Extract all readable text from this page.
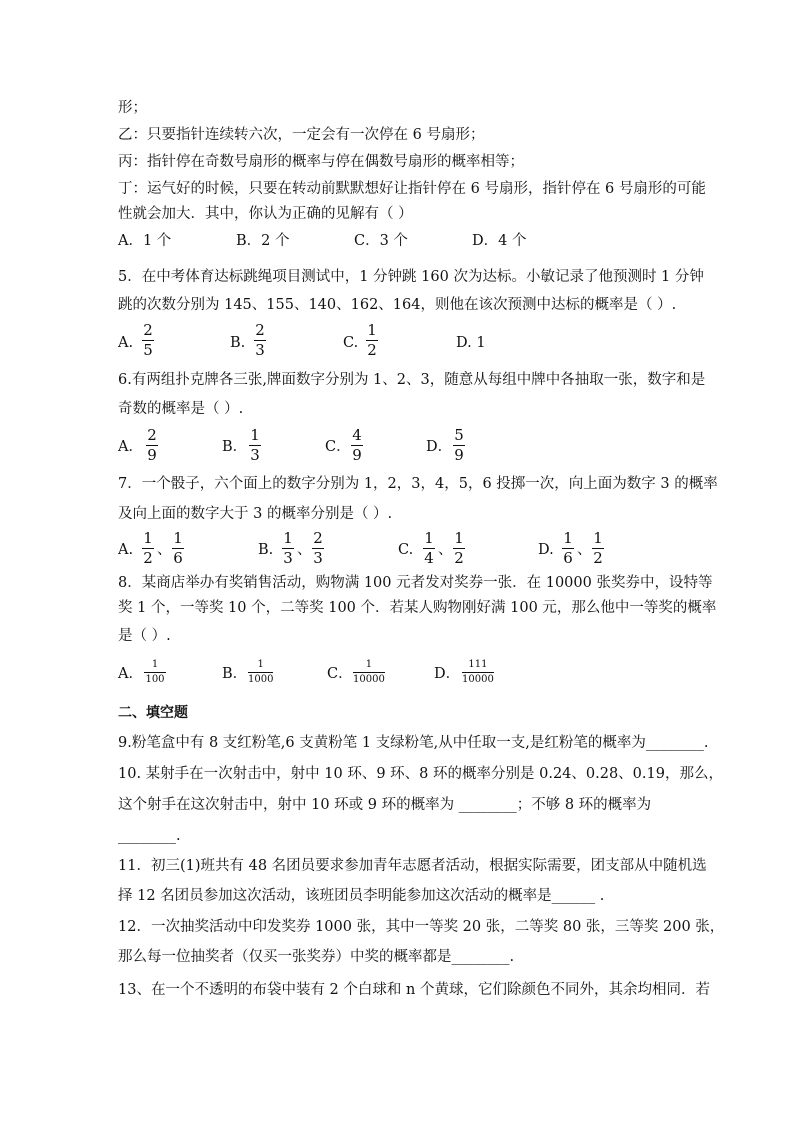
形；
乙：只要指针连续转六次，一定会有一次停在 6 号扇形；
丙：指针停在奇数号扇形的概率与停在偶数号扇形的概率相等；
丁：运气好的时候，只要在转动前默默想好让指针停在 6 号扇形，指针停在 6 号扇形的可能
性就会加大．其中，你认为正确的见解有（ ）
A．1 个	B．2 个	C．3 个	D．4 个
5．在中考体育达标跳绳项目测试中，1 分钟跳 160 次为达标。小敏记录了他预测时 1 分钟
跳的次数分别为 145、155、140、162、164，则他在该次预测中达标的概率是（ ）.
A.
2
5	B.
2
3	C.
1
2	D. 1
6.有两组扑克牌各三张,牌面数字分别为 1、2、3，随意从每组中牌中各抽取一张，数字和是
奇数的概率是（ ）.
A．
2
9	B．
1
3	C．
4
9	D．
5
9
7．一个骰子，六个面上的数字分别为 1，2，3，4，5，6 投掷一次，向上面为数字 3 的概率
及向上面的数字大于 3 的概率分别是（ ）.
A.
1
2 、
1
6	B.
1
3 、
2
3	C.
1
4 、
1
2	D.
1
6 、
1
2
8．某商店举办有奖销售活动，购物满 100 元者发对奖券一张．在 10000 张奖券中，设特等
奖 1 个，一等奖 10 个，二等奖 100 个．若某人购物刚好满 100 元，那么他中一等奖的概率
是（ ）.
A．
1
100	B．
1
1000	C．
1
10000	D．
111
10000
二、填空题
9.粉笔盒中有 8 支红粉笔,6 支黄粉笔 1 支绿粉笔,从中任取一支,是红粉笔的概率为________.
10. 某射手在一次射击中，射中 10 环、9 环、8 环的概率分别是 0.24、0.28、0.19，那么，
这个射手在这次射击中，射中 10 环或 9 环的概率为 ________；不够 8 环的概率为
________.
11．初三(1)班共有 48 名团员要求参加青年志愿者活动，根据实际需要，团支部从中随机选
择 12 名团员参加这次活动，该班团员李明能参加这次活动的概率是______ .
12．一次抽奖活动中印发奖券 1000 张，其中一等奖 20 张，二等奖 80 张，三等奖 200 张，
那么每一位抽奖者（仅买一张奖券）中奖的概率都是________.
13、在一个不透明的布袋中装有 2 个白球和 n 个黄球，它们除颜色不同外，其余均相同．若
